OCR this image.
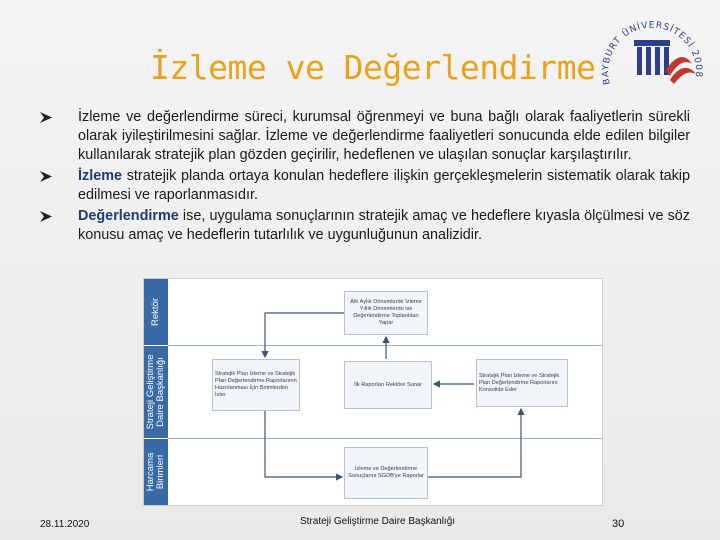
İzleme ve Değerlendirme BAYBURT ÜNİVERSİTESİ 2008
İzleme ve değerlendirme süreci, kurumsal öğrenmeyi ve buna bağlı olarak faaliyetlerin sürekli olarak iyileştirilmesini sağlar. İzleme ve değerlendirme faaliyetleri sonucunda elde edilen bilgiler kullanılarak stratejik plan gözden geçirilir, hedeflenen ve ulaşılan sonuçlar karşılaştırılır.
İzleme stratejik planda ortaya konulan hedeflere ilişkin gerçekleşmelerin sistematik olarak takip edilmesi ve raporlanmasıdır.
Değerlendirme ise, uygulama sonuçlarının stratejik amaç ve hedeflere kıyasla ölçülmesi ve söz konusu amaç ve hedeflerin tutarlılık ve uygunluğunun analizidir.
Rektör
Strateji Geliştirme Daire Başkanlığı
Harcama Birimleri
Altı Aylık Dönemlerde İzleme Yıllık Dönemlerde ise Değerlendirme Toplantıları Yapar
Stratejik Plan İzleme ve Stratejik Plan Değerlendirme Raporlarının Hazırlanması İçin Birimlerden İster
İlk Raporları Rektöre Sunar
Stratejik Plan İzleme ve Stratejik Plan Değerlendirme Raporlarını Konsolide Eder
İzleme ve Değerlendirme Sonuçlarını SGDB'ye Raporlar
28.11.2020	Strateji Geliştirme Daire Başkanlığı	30
